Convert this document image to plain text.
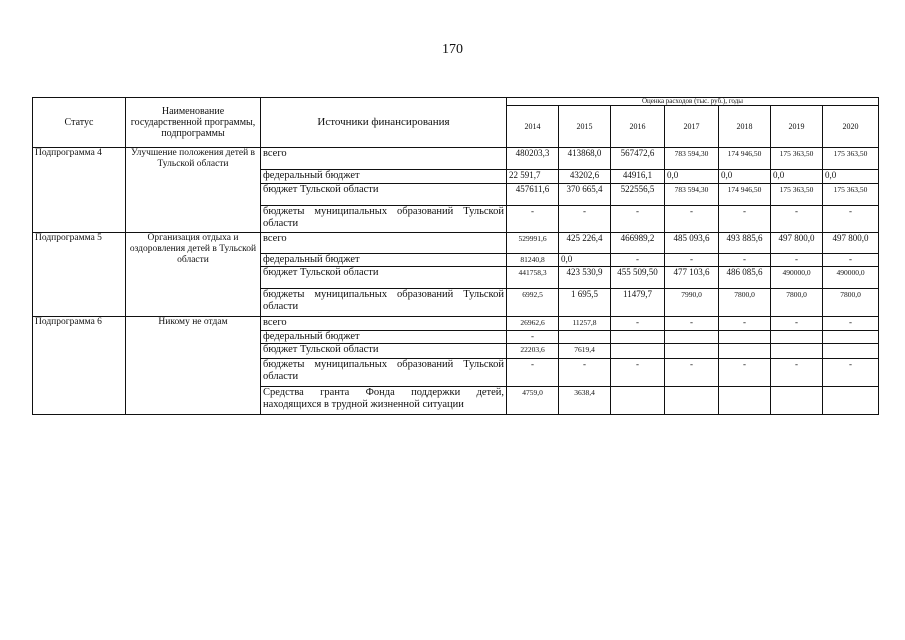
170
Статус	Наименование государственной программы, подпрограммы	Источники финансирования	Оценка расходов (тыс. руб.), годы						
			2014	2015	2016	2017	2018	2019	2020
Подпрограмма 4	Улучшение положения детей в Тульской области	всего	480203,3	413868,0	567472,6	783 594,30	174 946,50	175 363,50	175 363,50
		федеральный бюджет	22 591,7	43202,6	44916,1	0,0	0,0	0,0	0,0
		бюджет Тульской области	457611,6	370 665,4	522556,5	783 594,30	174 946,50	175 363,50	175 363,50
		бюджеты муниципальных образований Тульской области	-	-	-	-	-	-	-
Подпрограмма 5	Организация отдыха и оздоровления детей в Тульской области	всего	529991,6	425 226,4	466989,2	485 093,6	493 885,6	497 800,0	497 800,0
		федеральный бюджет	81240,8	0,0	-	-	-	-	-
		бюджет Тульской области	441758,3	423 530,9	455 509,50	477 103,6	486 085,6	490000,0	490000,0
		бюджеты муниципальных образований Тульской области	6992,5	1 695,5	11479,7	7990,0	7800,0	7800,0	7800,0
Подпрограмма 6	Никому не отдам	всего	26962,6	11257,8	-	-	-	-	-
		федеральный бюджет	-						
		бюджет Тульской области	22203,6	7619,4					
		бюджеты муниципальных образований Тульской области	-	-	-	-	-	-	-
		Средства гранта Фонда поддержки детей, находящихся в трудной жизненной ситуации	4759,0	3638,4					
